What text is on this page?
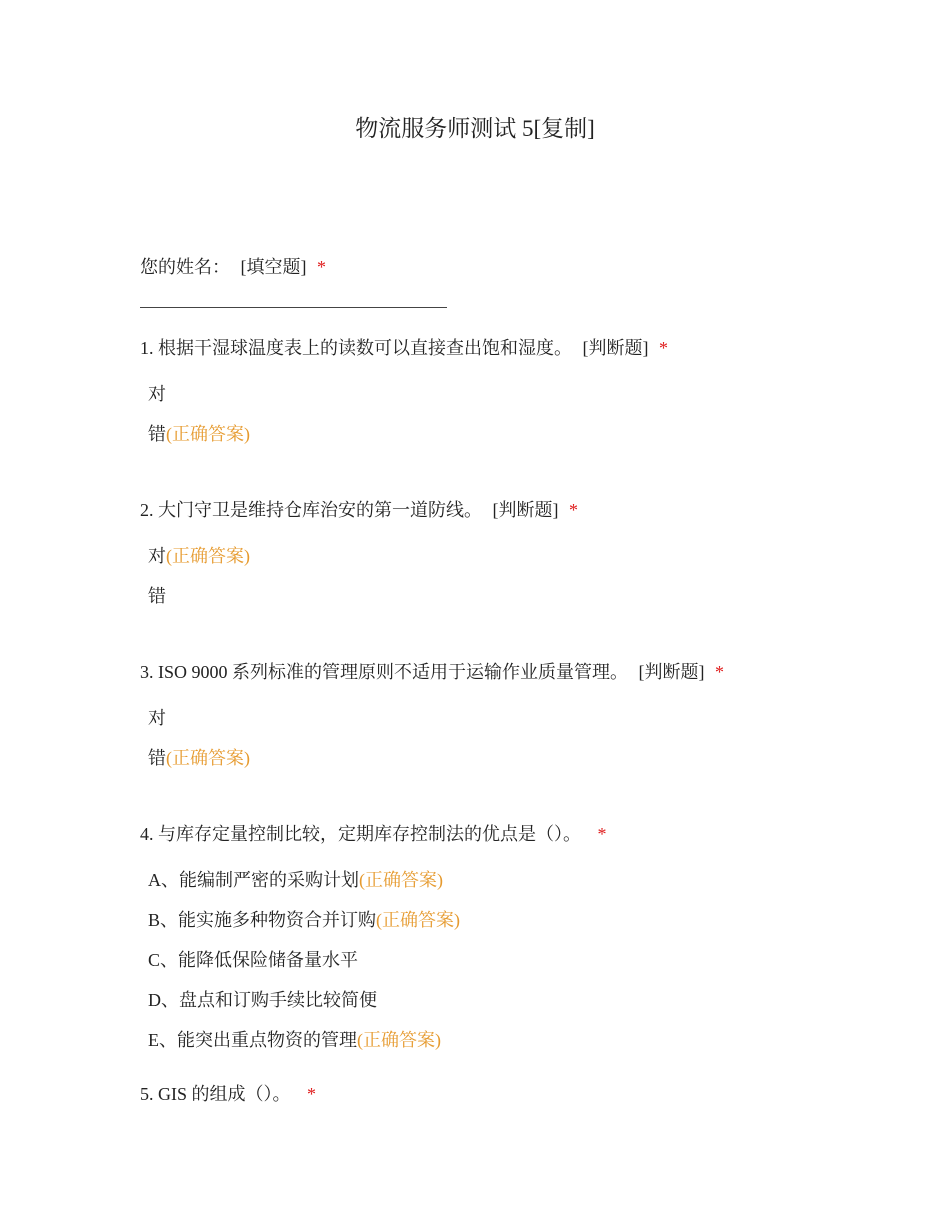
物流服务师测试 5[复制]
您的姓名： [填空题] *
1. 根据干湿球温度表上的读数可以直接查出饱和湿度。 [判断题] *
对
错(正确答案)
2. 大门守卫是维持仓库治安的第一道防线。 [判断题] *
对(正确答案)
错
3. ISO 9000 系列标准的管理原则不适用于运输作业质量管理。 [判断题] *
对
错(正确答案)
4. 与库存定量控制比较，定期库存控制法的优点是（）。 *
A、能编制严密的采购计划(正确答案)
B、能实施多种物资合并订购(正确答案)
C、能降低保险储备量水平
D、盘点和订购手续比较简便
E、能突出重点物资的管理(正确答案)
5. GIS 的组成（）。 *
